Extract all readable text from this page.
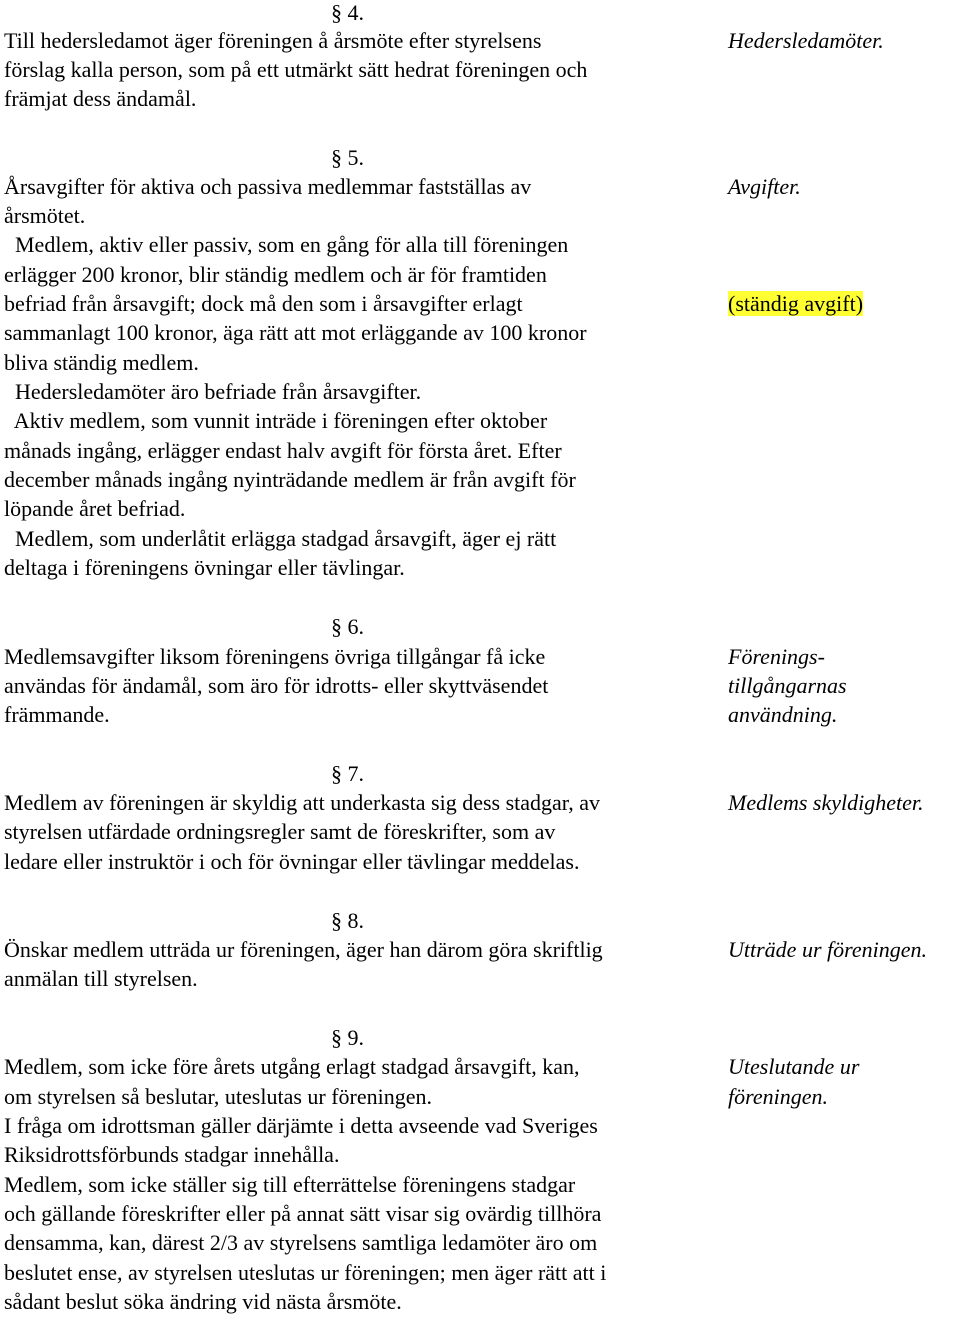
§ 4.
Till hedersledamot äger föreningen å årsmöte efter styrelsens
förslag kalla person, som på ett utmärkt sätt hedrat föreningen och
främjat dess ändamål.
Hedersledamöter.
§ 5.
Årsavgifter för aktiva och passiva medlemmar fastställas av
årsmötet.
Medlem, aktiv eller passiv, som en gång för alla till föreningen
erlägger 200 kronor, blir ständig medlem och är för framtiden
befriad från årsavgift; dock må den som i årsavgifter erlagt
sammanlagt 100 kronor, äga rätt att mot erläggande av 100 kronor
bliva ständig medlem.
Hedersledamöter äro befriade från årsavgifter.
Aktiv medlem, som vunnit inträde i föreningen efter oktober
månads ingång, erlägger endast halv avgift för första året. Efter
december månads ingång nyinträdande medlem är från avgift för
löpande året befriad.
Medlem, som underlåtit erlägga stadgad årsavgift, äger ej rätt
deltaga i föreningens övningar eller tävlingar.
Avgifter.
(ständig avgift)
§ 6.
Medlemsavgifter liksom föreningens övriga tillgångar få icke
användas för ändamål, som äro för idrotts- eller skyttväsendet
främmande.
Förenings-
tillgångarnas
användning.
§ 7.
Medlem av föreningen är skyldig att underkasta sig dess stadgar, av
styrelsen utfärdade ordningsregler samt de föreskrifter, som av
ledare eller instruktör i och för övningar eller tävlingar meddelas.
Medlems skyldigheter.
§ 8.
Önskar medlem utträda ur föreningen, äger han därom göra skriftlig
anmälan till styrelsen.
Utträde ur föreningen.
§ 9.
Medlem, som icke före årets utgång erlagt stadgad årsavgift, kan,
om styrelsen så beslutar, uteslutas ur föreningen.
I fråga om idrottsman gäller därjämte i detta avseende vad Sveriges
Riksidrottsförbunds stadgar innehålla.
Medlem, som icke ställer sig till efterrättelse föreningens stadgar
och gällande föreskrifter eller på annat sätt visar sig ovärdig tillhöra
densamma, kan, därest 2/3 av styrelsens samtliga ledamöter äro om
beslutet ense, av styrelsen uteslutas ur föreningen; men äger rätt att i
sådant beslut söka ändring vid nästa årsmöte.
Uteslutande ur
föreningen.
